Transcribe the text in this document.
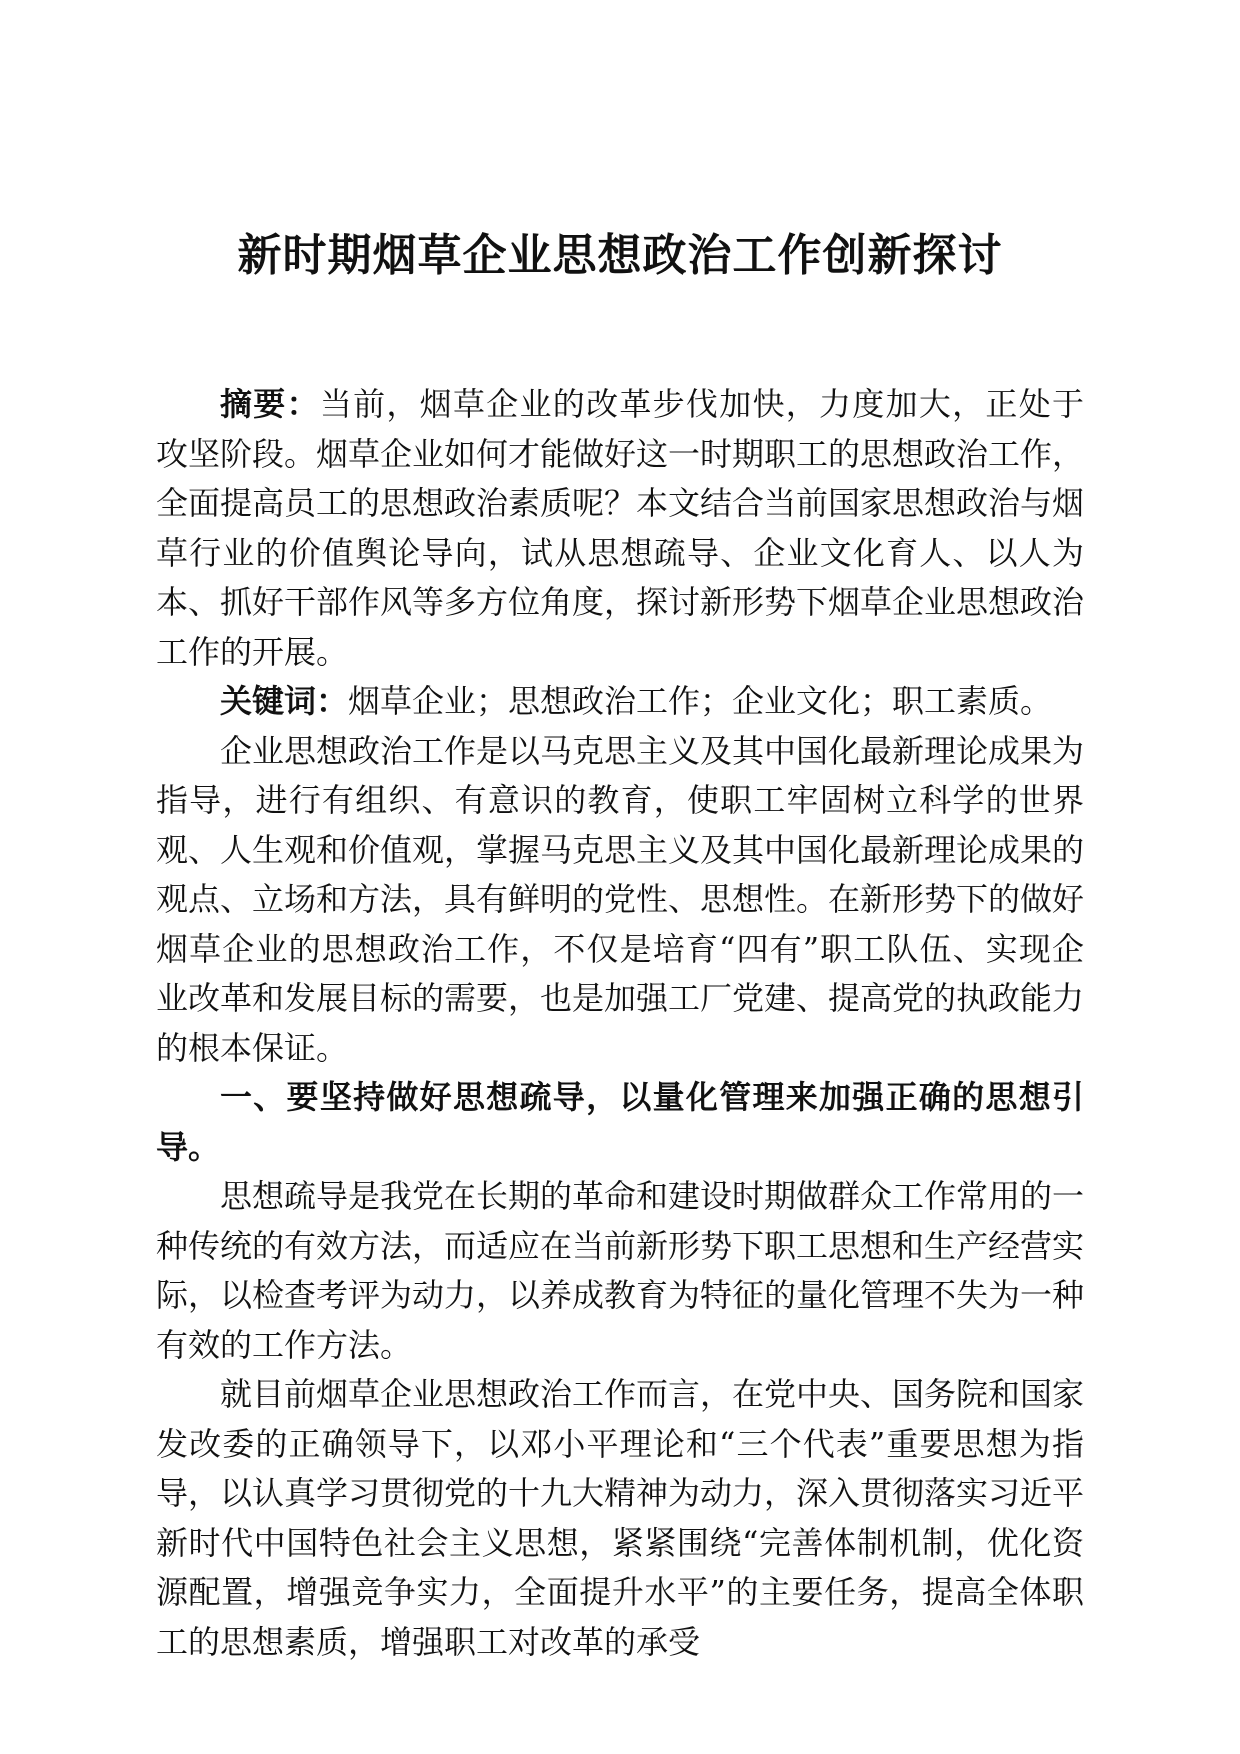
新时期烟草企业思想政治工作创新探讨

摘要：当前，烟草企业的改革步伐加快，力度加大，正处于攻坚阶段。烟草企业如何才能做好这一时期职工的思想政治工作，全面提高员工的思想政治素质呢？本文结合当前国家思想政治与烟草行业的价值舆论导向，试从思想疏导、企业文化育人、以人为本、抓好干部作风等多方位角度，探讨新形势下烟草企业思想政治工作的开展。

关键词：烟草企业；思想政治工作；企业文化；职工素质。

企业思想政治工作是以马克思主义及其中国化最新理论成果为指导，进行有组织、有意识的教育，使职工牢固树立科学的世界观、人生观和价值观，掌握马克思主义及其中国化最新理论成果的观点、立场和方法，具有鲜明的党性、思想性。在新形势下的做好烟草企业的思想政治工作，不仅是培育“四有”职工队伍、实现企业改革和发展目标的需要，也是加强工厂党建、提高党的执政能力的根本保证。

一、要坚持做好思想疏导，以量化管理来加强正确的思想引导。

思想疏导是我党在长期的革命和建设时期做群众工作常用的一种传统的有效方法，而适应在当前新形势下职工思想和生产经营实际，以检查考评为动力，以养成教育为特征的量化管理不失为一种有效的工作方法。

就目前烟草企业思想政治工作而言，在党中央、国务院和国家发改委的正确领导下，以邓小平理论和“三个代表”重要思想为指导，以认真学习贯彻党的十九大精神为动力，深入贯彻落实习近平新时代中国特色社会主义思想，紧紧围绕“完善体制机制，优化资源配置，增强竞争实力，全面提升水平”的主要任务，提高全体职工的思想素质，增强职工对改革的承受
